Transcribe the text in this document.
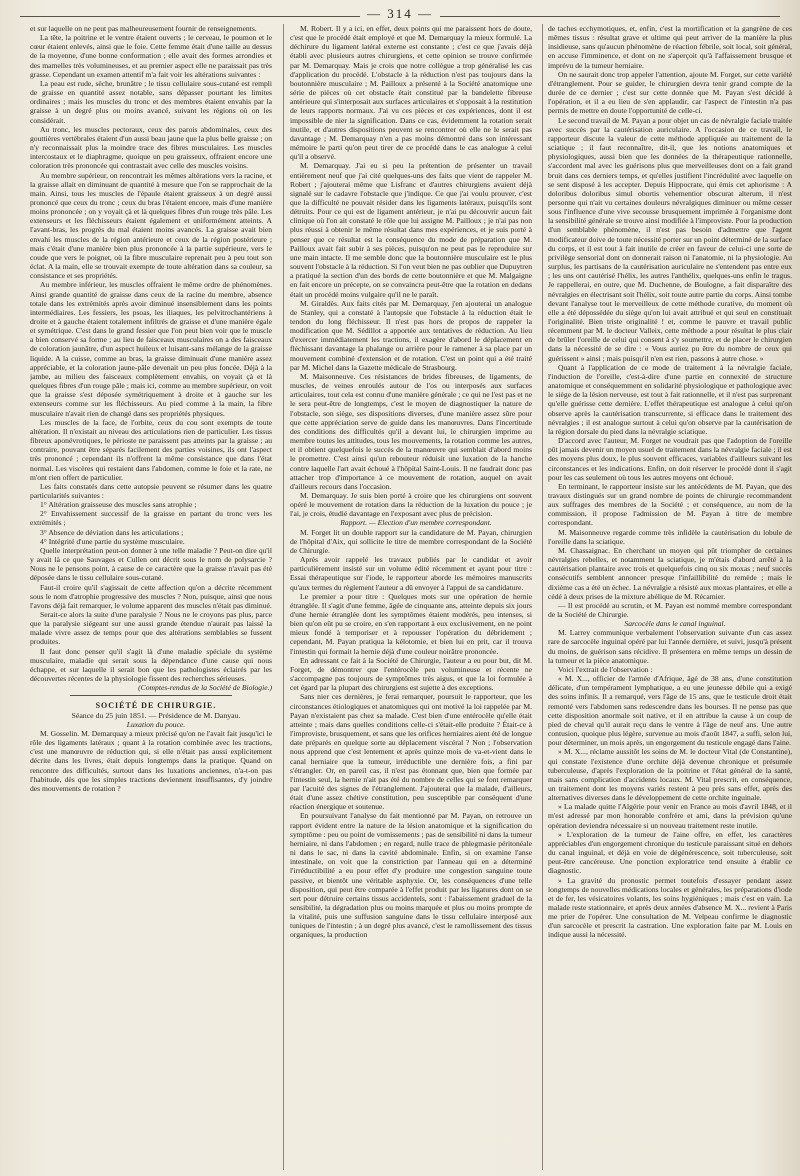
— 314 —

et sur laquelle on ne peut pas malheureusement fournir de renseignements.

La tête, la poitrine et le ventre étaient ouverts ; le cerveau, le poumon et le cœur étaient enlevés, ainsi que le foie. Cette femme était d'une taille au dessus de la moyenne, d'une bonne conformation ; elle avait des formes arrondies et des mamelles très volumineuses, et au premier aspect elle ne paraissait pas très grasse. Cependant un examen attentif m'a fait voir les altérations suivantes :

La peau est rude, sèche, brunâtre ; le tissu cellulaire sous-cutané est rempli de graisse en quantité assez notable, sans dépasser pourtant les limites ordinaires ; mais les muscles du tronc et des membres étaient envahis par la graisse à un degré plus ou moins avancé, suivant les régions où on les considérait.

Au tronc, les muscles pectoraux, ceux des parois abdominales, ceux des gouttières vertébrales étaient d'un aussi beau jaune que la plus belle graisse ; on n'y reconnaissait plus la moindre trace des fibres musculaires. Les muscles intercostaux et le diaphragme, quoique un peu graisseux, offraient encore une coloration très prononcée qui contrastait avec celle des muscles voisins.

Au membre supérieur, on rencontrait les mêmes altérations vers la racine, et la graisse allait en diminuant de quantité à mesure que l'on se rapprochait de la main. Ainsi, tous les muscles de l'épaule étaient graisseux à un degré aussi prononcé que ceux du tronc ; ceux du bras l'étaient encore, mais d'une manière moins prononcée ; on y voyait çà et là quelques fibres d'un rouge très pâle. Les extenseurs et les fléchisseurs étaient également et uniformément atteints. A l'avant-bras, les progrès du mal étaient moins avancés. La graisse avait bien envahi les muscles de la région antérieure et ceux de la région postérieure ; mais c'était d'une manière bien plus prononcée à la partie supérieure, vers le coude que vers le poignet, où la fibre musculaire reprenait peu à peu tout son éclat. A la main, elle se trouvait exempte de toute altération dans sa couleur, sa consistance et ses propriétés.

Au membre inférieur, les muscles offraient le même ordre de phénomènes. Ainsi grande quantité de graisse dans ceux de la racine du membre, absence totale dans les extrémités après avoir diminué insensiblement dans les points intermédiaires. Les fessiers, les psoas, les iliaques, les pelvitrochantériens à droite et à gauche étaient totalement infiltrés de graisse et d'une manière égale et symétrique. C'est dans le grand fessier que l'on peut bien voir que le muscle a bien conservé sa forme ; au lieu de faisceaux musculaires on a des faisceaux de coloration jaunâtre, d'un aspect huileux et luisant-sans mélange de la graisse liquide. A la cuisse, comme au bras, la graisse diminuait d'une manière assez appréciable, et la coloration jaune-pâle devenait un peu plus foncée. Déjà à la jambe, au milieu des faisceaux complètement envahis, on voyait çà et là quelques fibres d'un rouge pâle ; mais ici, comme au membre supérieur, on voit que la graisse s'est déposée symétriquement à droite et à gauche sur les extenseurs comme sur les fléchisseurs. Au pied comme à la main, la fibre musculaire n'avait rien de changé dans ses propriétés physiques.

Les muscles de la face, de l'orbite, ceux du cou sont exempts de toute altération. Il n'existait au niveau des articulations rien de particulier. Les tissus fibreux aponévrotiques, le périoste ne paraissent pas atteints par la graisse ; au contraire, pouvant être séparés facilement des parties voisines, ils ont l'aspect très prononcé ; cependant ils n'offrent la même consistance que dans l'état normal. Les viscères qui restaient dans l'abdomen, comme le foie et la rate, ne m'ont rien offert de particulier.

Les faits constatés dans cette autopsie peuvent se résumer dans les quatre particularités suivantes :

1° Altération graisseuse des muscles sans atrophie ;

2° Envahissement successif de la graisse en partant du tronc vers les extrémités ;

3° Absence de déviation dans les articulations ;

4° Intégrité d'une partie du système musculaire.

Quelle interprétation peut-on donner à une telle maladie ? Peut-on dire qu'il y avait là ce que Sauvages et Cullen ont décrit sous le nom de polysarcie ? Nous ne le pensons point, à cause de ce caractère que la graisse n'avait pas été déposée dans le tissu cellulaire sous-cutané.

Faut-il croire qu'il s'agissait de cette affection qu'on a décrite récemment sous le nom d'atrophie progressive des muscles ? Non, puisque, ainsi que nous l'avons déjà fait remarquer, le volume apparent des muscles n'était pas diminué.

Serait-ce alors la suite d'une paralysie ? Nous ne le croyons pas plus, parce que la paralysie siégeant sur une aussi grande étendue n'aurait pas laissé la malade vivre assez de temps pour que des altérations semblables se fussent produites.

Il faut donc penser qu'il s'agit là d'une maladie spéciale du système musculaire, maladie qui serait sous la dépendance d'une cause qui nous échappe, et sur laquelle il serait bon que les pathologistes éclairés par les découvertes récentes de la physiologie fissent des recherches sérieuses.

(Comptes-rendus de la Société de Biologie.)

SOCIÉTÉ DE CHIRURGIE.

Séance du 25 juin 1851. — Présidence de M. Danyau.

Luxation du pouce.

M. Gosselin. M. Demarquay a mieux précisé qu'on ne l'avait fait jusqu'ici le rôle des ligaments latéraux ; quant à la rotation combinée avec les tractions, c'est une manœuvre de réduction qui, si elle n'était pas aussi explicitement décrite dans les livres, était depuis longtemps dans la pratique. Quand on rencontre des difficultés, surtout dans les luxations anciennes, n'a-t-on pas l'habitude, dès que les simples tractions deviennent insuffisantes, d'y joindre des mouvements de rotation ?

M. Robert. Il y a ici, en effet, deux points qui me paraissent hors de doute, c'est que le procédé était employé et que M. Demarquay la mieux formulé. La déchirure du ligament latéral externe est constante ; c'est ce que j'avais déjà établi avec plusieurs autres chirurgiens, et cette opinion se trouve confirmée par M. Demarquay. Mais je crois que notre collègue a trop généralisé les cas d'application du procédé. L'obstacle à la réduction n'est pas toujours dans la boutonnière musculaire ; M. Pailloux a présenté à la Société anatomique une série de pièces où cet obstacle était constitué par la bandelette fibreuse antérieure qui s'interposait aux surfaces articulaires et s'opposait à la restitution de leurs rapports normaux. J'ai vu ces pièces et ces expériences, dont il est impossible de nier la signification. Dans ce cas, évidemment la rotation serait inutile, et d'autres dispositions peuvent se rencontrer où elle ne le serait pas davantage ; M. Demarquay n'en a pas moins démontré dans son intéressant mémoire le parti qu'on peut tirer de ce procédé dans le cas analogue à celui qu'il a observé.

M. Demarquay. J'ai eu si peu la prétention de présenter un travail entièrement neuf que j'ai cité quelques-uns des faits que vient de rappeler M. Robert ; j'ajouterai même que Lisfranc et d'autres chirurgiens avaient déjà signalé sur le cadavre l'obstacle que j'indique. Ce que j'ai voulu prouver, c'est que la difficulté ne pouvait résider dans les ligaments latéraux, puisqu'ils sont détruits. Pour ce qui est de ligament antérieur, je n'ai pu découvrir aucun fait clinique où l'on ait constaté le rôle que lui assigne M. Pailloux ; je n'ai pas non plus réussi à obtenir le même résultat dans mes expériences, et je suis porté à penser que ce résultat est la conséquence du mode de préparation que M. Pailloux avait fait subir à ses pièces, puisqu'on ne peut pas le reproduire sur une main intacte. Il me semble donc que la boutonnière musculaire est le plus souvent l'obstacle à la réduction. Si l'on veut bien ne pas oublier que Dupuytren a pratiqué la section d'un des bords de cette boutonnière et que M. Malgaigne en fait encore un précepte, on se convaincra peut-être que la rotation en dedans était un procédé moins vulgaire qu'il ne le paraît.

M. Giraldès. Aux faits cités par M. Demarquay, j'en ajouterai un analogue de Stanley, qui a constaté à l'autopsie que l'obstacle à la réduction était le tendon du long fléchisseur. Il n'est pas hors de propos de rappeler la modification que M. Sédillot a apportée aux tentatives de réduction. Au lieu d'exercer immédiatement les tractions, il exagère d'abord le déplacement en fléchissant davantage la phalange ou arrière pour le ramener à sa place par un mouvement combiné d'extension et de rotation. C'est un point qui a été traité par M. Michel dans la Gazette médicale de Strasbourg.

M. Maisonneuve. Ces résistances de brides fibreuses, de ligaments, de muscles, de veines enroulés autour de l'os ou interposés aux surfaces articulaires, tout cela est connu d'une manière générale ; ce qui ne l'est pas et ne le sera peut-être de longtemps, c'est le moyen de diagnostiquer la nature de l'obstacle, son siège, ses dispositions diverses, d'une manière assez sûre pour que cette appréciation serve de guide dans les manœuvres. Dans l'incertitude des conditions des difficultés qu'il a devant lui, le chirurgien imprime au membre toutes les attitudes, tous les mouvements, la rotation comme les autres, et il obtient quelquefois le succès de la manœuvre qui semblait d'abord moins le promettre. C'est ainsi qu'un rebouteur réduisit une luxation de la hanche contre laquelle l'art avait échoué à l'hôpital Saint-Louis. Il ne faudrait donc pas attacher trop d'importance à ce mouvement de rotation, auquel on avait d'ailleurs recours dans l'occasion.

M. Demarquay. Je suis bien porté à croire que les chirurgiens ont souvent opéré le mouvement de rotation dans la réduction de la luxation du pouce ; je l'ai, je crois, étudié davantage en l'exposant avec plus de précision.

Rapport. — Election d'un membre correspondant.

M. Forget lit un double rapport sur la candidature de M. Payan, chirurgien de l'hôpital d'Aix, qui sollicite le titre de membre correspondant de la Société de Chirurgie.

Après avoir rappelé les travaux publiés par le candidat et avoir particulièrement insisté sur un volume édité récemment et ayant pour titre : Essai thérapeutique sur l'iode, le rapporteur aborde les mémoires manuscrits qu'aux termes du règlement l'auteur a dû envoyer à l'appui de sa candidature.

Le premier a pour titre : Quelques mots sur une opération de hernie étranglée. Il s'agit d'une femme, âgée de cinquante ans, atteinte depuis six jours d'une hernie étranglée dont les symptômes étaient modérés, peu intenses, si bien qu'on eût pu se croire, en s'en rapportant à eux exclusivement, en ne point mieux fondé à temporiser et à repousser l'opération du débridement ; cependant, M. Payan pratiqua la kélotomie, et bien lui en prit, car il trouva l'intestin qui formait la hernie déjà d'une couleur noirâtre prononcée.

En adressant ce fait à la Société de Chirurgie, l'auteur a eu pour but, dit M. Forget, de démontrer que l'entérocèle peu volumineuse et récente ne s'accompagne pas toujours de symptômes très aigus, et que la loi formulée à cet égard par la plupart des chirurgiens est sujette à des exceptions.

Sans nier ces dernières, je ferai remarquer, poursuit le rapporteur, que les circonstances étiologiques et anatomiques qui ont motivé la loi rappelée par M. Payan n'existaient pas chez sa malade. C'est bien d'une entérocèle qu'elle était atteinte ; mais dans quelles conditions celle-ci s'était-elle produite ? Était-ce à l'improviste, brusquement, et sans que les orifices herniaires aient été de longue date préparés en quelque sorte au déplacement viscéral ? Non ; l'observation nous apprend que c'est lentement et après quinze mois de va-et-vient dans le canal herniaire que la tumeur, irréductible une dernière fois, a fini par s'étrangler. Or, en pareil cas, il n'est pas étonnant que, bien que formée par l'intestin seul, la hernie n'ait pas été du nombre de celles qui se font remarquer par l'acuité des signes de l'étranglement. J'ajouterai que la malade, d'ailleurs, était d'une assez chétive constitution, peu susceptible par conséquent d'une réaction énergique et soutenue.

En poursuivant l'analyse du fait mentionné par M. Payan, on retrouve un rapport évident entre la nature de la lésion anatomique et la signification du symptôme : peu ou point de vomissements ; pas de sensibilité ni dans la tumeur herniaire, ni dans l'abdomen ; en regard, nulle trace de phlegmasie péritonéale ni dans le sac, ni dans la cavité abdominale. Enfin, si on examine l'anse intestinale, on voit que la constriction par l'anneau qui en a déterminé l'irréductibilité a eu pour effet d'y produire une congestion sanguine toute passive, et bientôt une véritable asphyxie. Or, les conséquences d'une telle disposition, qui peut être comparée à l'effet produit par les ligatures dont on se sert pour détruire certains tissus accidentels, sont : l'abaissement graduel de la sensibilité, la dégradation plus ou moins marquée et plus ou moins prompte de la vitalité, puis une suffusion sanguine dans le tissu cellulaire interposé aux tuniques de l'intestin ; à un degré plus avancé, c'est le ramollissement des tissus organiques, la production

de taches ecchymotiques, et, enfin, c'est la mortification et la gangrène de ces mêmes tissus : résultat grave et ultime qui peut arriver de la manière la plus insidieuse, sans qu'aucun phénomène de réaction fébrile, soit local, soit général, en accuse l'imminence, et dont on ne s'aperçoit qu'à l'affaissement brusque et imprévu de la tumeur herniaire.

On ne saurait donc trop appeler l'attention, ajoute M. Forget, sur cette variété d'étranglement. Pour se guider, le chirurgien devra tenir grand compte de la durée de ce dernier ; c'est sur cette donnée que M. Payan s'est décidé à l'opération, et il a eu lieu de s'en applaudir, car l'aspect de l'intestin n'a pas permis de mettre en doute l'opportunité de celle-ci.

Le second travail de M. Payan a pour objet un cas de névralgie faciale traitée avec succès par la cautérisation auriculaire. A l'occasion de ce travail, le rapporteur discute la valeur de cette méthode appliquée au traitement de la sciatique ; il faut reconnaître, dit-il, que les notions anatomiques et physiologiques, aussi bien que les données de la thérapeutique rationnelle, s'accordent mal avec les guérisons plus que merveilleuses dont on a fait grand bruit dans ces derniers temps, et qu'elles justifient l'incrédulité avec laquelle on se sent disposé à les accepter. Depuis Hippocrate, qui émis cet aphorisme : A doloribus doloribus simul obortis vehementior obscurat alterum, il n'est personne qui n'ait vu certaines douleurs névralgiques diminuer ou même cesser sous l'influence d'une vive secousse brusquement imprimée à l'organisme dont la sensibilité générale se trouve ainsi modifiée à l'improviste. Pour la production d'un semblable phénomène, il n'est pas besoin d'admettre que l'agent modificateur doive de toute nécessité porter sur un point déterminé de la surface du corps, et il est tout à fait inutile de créer en faveur de celui-ci une sorte de privilège sensorial dont on donnerait raison ni l'anatomie, ni la physiologie. Au surplus, les partisans de la cautérisation auriculaire ne s'entendent pas entre eux ; les uns ont cautérisé l'hélix, les autres l'anthélix, quelques-uns enfin le tragus. Je rappellerai, en outre, que M. Duchenne, de Boulogne, a fait disparaître des névralgies en électrisant soit l'hélix, soit toute autre partie du corps. Ainsi tombe devant l'analyse tout le merveilleux de cette méthode curative, du moment où elle a été dépossédée du siège qu'on lui avait attribué et qui seul en constituait l'originalité. Bien triste originalité ! et, comme le pauvre et travail public récemment par M. le docteur Valleix, cette méthode a pour résultat le plus clair de brûler l'oreille de celui qui consent à s'y soumettre, et de placer le chirurgien dans la nécessité de se dire : « Vous auriez pu être du nombre de ceux qui guérissent » ainsi ; mais puisqu'il n'en est rien, passons à autre chose. »

Quant à l'application de ce mode de traitement à la névralgie faciale, l'induction de l'oreille, c'est-à-dire d'une partie en connexité de structure anatomique et conséquemment en solidarité physiologique et pathologique avec le siège de la lésion nerveuse, est tout à fait rationnelle, et il n'est pas surprenant qu'elle guérisse cette dernière. L'effet thérapeutique est analogue à celui qu'on observe après la cautérisation transcurrente, si efficace dans le traitement des névralgies ; il est analogue surtout à celui qu'on observe par la cautérisation de la région dorsale du pied dans la névralgie sciatique.

D'accord avec l'auteur, M. Forget ne voudrait pas que l'adoption de l'oreille pût jamais devenir un moyen usuel de traitement dans la névralgie faciale ; il est des moyens plus doux, le plus souvent efficaces, variables d'ailleurs suivant les circonstances et les indications. Enfin, on doit réserver le procédé dont il s'agit pour les cas seulement où tous les autres moyens ont échoué.

En terminant, le rapporteur insiste sur les antécédents de M. Payan, que des travaux distingués sur un grand nombre de points de chirurgie recommandent aux suffrages des membres de la Société ; et conséquence, au nom de la commission, il propose l'admission de M. Payan à titre de membre correspondant.

M. Maisonneuve regarde comme très infidèle la cautérisation du lobule de l'oreille dans la sciatique.

M. Chassaignac. En cherchant un moyen qui pût triompher de certaines névralgies rebelles, et notamment la sciatique, je m'étais d'abord arrêté à la cautérisation plantaire avec trois et quelquefois cinq ou six moxas ; neuf succès consécutifs semblent annoncer presque l'infaillibilité du remède ; mais le dixième cas a été un échec. La névralgie a résisté aux moxas plantaires, et elle a cédé à deux prises de la mixture abélique de M. Récamier.

— Il est procédé au scrutin, et M. Payan est nommé membre correspondant de la Société de Chirurgie.

Sarcocèle dans le canal inguinal.

M. Larrey communique verbalement l'observation suivante d'un cas assez rare de sarcocèle inguinal opéré par lui l'année dernière, et suivi, jusqu'à présent du moins, de guérison sans récidive. Il présentera en même temps un dessin de la tumeur et la pièce anatomique.

Voici l'extrait de l'observation :

« M. X..., officier de l'armée d'Afrique, âgé de 38 ans, d'une constitution délicate, d'un tempérament lymphatique, a eu une jeunesse débile qui a exigé des soins infinis. Il a remarqué, vers l'âge de 15 ans, que le testicule droit était remonté vers l'abdomen sans redescendre dans les bourses. Il ne pense pas que cette disposition anormale soit native, et il en attribue la cause à un coup de pied de cheval qu'il aurait reçu dans le ventre à l'âge de neuf ans. Une autre contusion, quoique plus légère, survenue au mois d'août 1847, a suffi, selon lui, pour déterminer, un mois après, un engorgement du testicule engagé dans l'aine.

» M. X..., réclame aussitôt les soins de M. le docteur Vital (de Constantine), qui constate l'existence d'une orchite déjà devenue chronique et présumée tuberculeuse, d'après l'exploration de la poitrine et l'état général de la santé, mais sans complication d'accidents locaux. M. Vital prescrit, en conséquence, un traitement dont les moyens variés restent à peu près sans effet, après des alternatives diverses dans le développement de cette orchite inguinale.

» La malade quitte l'Algérie pour venir en France au mois d'avril 1848, et il m'est adressé par mon honorable confrère et ami, dans la prévision qu'une opération deviendra nécessaire si un nouveau traitement reste inutile.

» L'exploration de la tumeur de l'aine offre, en effet, les caractères appréciables d'un engorgement chronique du testicule paraissant situé en dehors du canal inguinal, et déjà en voie de dégénérescence, soit tuberculeuse, soit peut-être cancéreuse. Une ponction exploratrice tend ensuite à établir ce diagnostic.

» La gravité du pronostic permet toutefois d'essayer pendant assez longtemps de nouvelles médications locales et générales, les préparations d'iode et de fer, les vésicatoires volants, les soins hygiéniques ; mais c'est en vain. La malade reste stationnaire, et après deux années d'absence M. X... revient à Paris me prier de l'opérer. Une consultation de M. Velpeau confirme le diagnostic d'un sarcocèle et prescrit la castration. Une exploration faite par M. Louis en indique aussi la nécessité.
